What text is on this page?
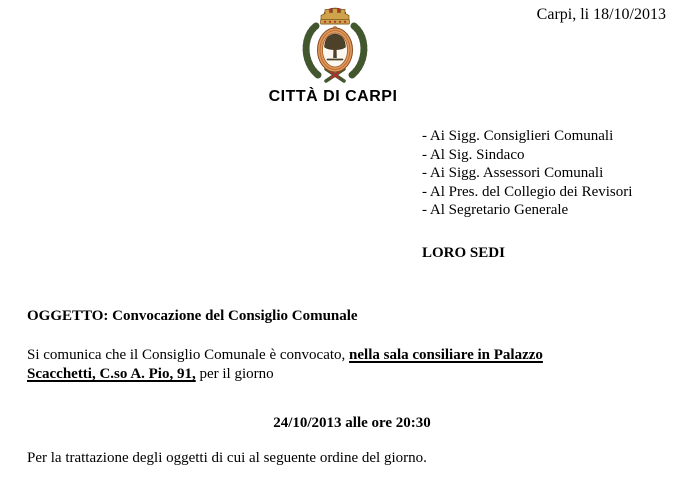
Carpi, li 18/10/2013
CITTÀ DI CARPI
- Ai Sigg. Consiglieri Comunali
- Al Sig. Sindaco
- Ai Sigg. Assessori Comunali
- Al Pres. del Collegio dei Revisori
- Al Segretario Generale
LORO SEDI
OGGETTO: Convocazione del Consiglio Comunale

Si comunica che il Consiglio Comunale è convocato, nella sala consiliare in Palazzo
Scacchetti, C.so A. Pio, 91, per il giorno

24/10/2013 alle ore 20:30
Per la trattazione degli oggetti di cui al seguente ordine del giorno.
